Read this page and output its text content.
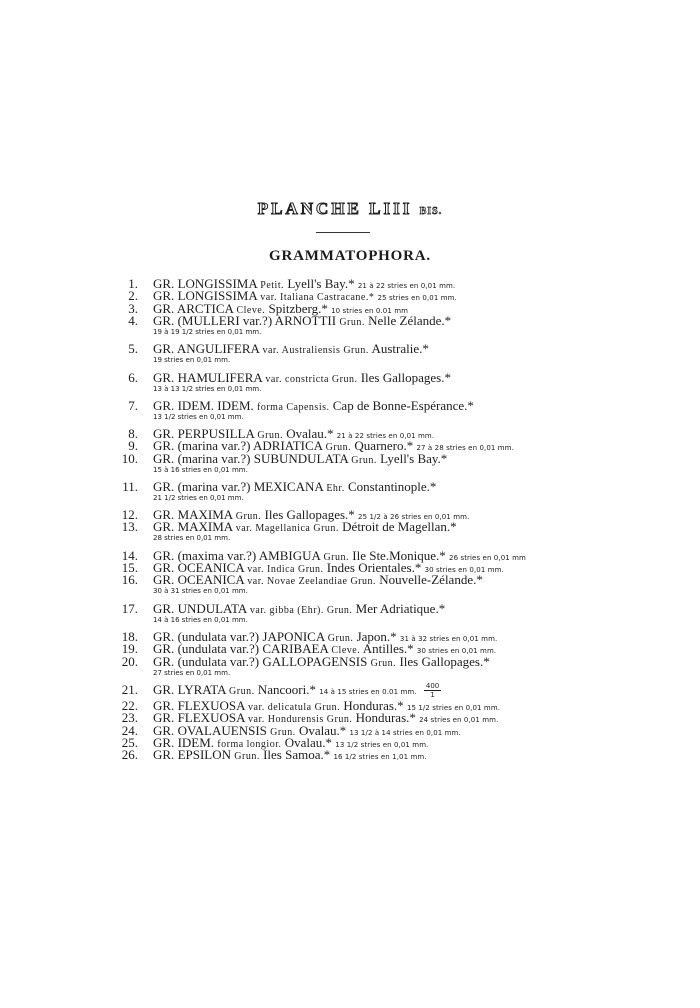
PLANCHE LIII BIS.
GRAMMATOPHORA.
1. GR. LONGISSIMA Petit. Lyell's Bay.* 21 à 22 stries en 0,01 mm.
2. GR. LONGISSIMA var. Italiana Castracane.* 25 stries en 0,01 mm.
3. GR. ARCTICA Cleve. Spitzberg.* 10 stries en 0.01 mm
4. GR. (MULLERI var.?) ARNOTTII Grun. Nelle Zélande.*
19 à 19 1/2 stries en 0,01 mm.
5. GR. ANGULIFERA var. Australiensis Grun. Australie.*
19 stries en 0,01 mm.
6. GR. HAMULIFERA var. constricta Grun. Iles Gallopages.*
13 à 13 1/2 stries en 0,01 mm.
7. GR. IDEM. IDEM. forma Capensis. Cap de Bonne-Espérance.*
13 1/2 stries en 0,01 mm.
8. GR. PERPUSILLA Grun. Ovalau.* 21 à 22 stries en 0,01 mm.
9. GR. (marina var.?) ADRIATICA Grun. Quarnero.* 27 à 28 stries en 0,01 mm.
10. GR. (marina var.?) SUBUNDULATA Grun. Lyell's Bay.*
15 à 16 stries en 0,01 mm.
11. GR. (marina var.?) MEXICANA Ehr. Constantinople.*
21 1/2 stries en 0,01 mm.
12. GR. MAXIMA Grun. Iles Gallopages.* 25 1/2 à 26 stries en 0,01 mm.
13. GR. MAXIMA var. Magellanica Grun. Détroit de Magellan.*
28 stries en 0,01 mm.
14. GR. (maxima var.?) AMBIGUA Grun. Ile Ste.Monique.* 26 stries en 0,01 mm
15. GR. OCEANICA var. Indica Grun. Indes Orientales.* 30 stries en 0,01 mm.
16. GR. OCEANICA var. Novae Zeelandiae Grun. Nouvelle-Zélande.*
30 à 31 stries en 0,01 mm.
17. GR. UNDULATA var. gibba (Ehr). Grun. Mer Adriatique.*
14 à 16 stries en 0,01 mm.
18. GR. (undulata var.?) JAPONICA Grun. Japon.* 31 à 32 stries en 0,01 mm.
19. GR. (undulata var.?) CARIBAEA Cleve. Antilles.* 30 stries en 0,01 mm.
20. GR. (undulata var.?) GALLOPAGENSIS Grun. Iles Gallopages.*
27 stries en 0,01 mm.
21. GR. LYRATA Grun. Nancoori.* 14 à 15 stries en 0.01 mm. $\frac{400}{1}$
22. GR. FLEXUOSA var. delicatula Grun. Honduras.* 15 1/2 stries en 0,01 mm.
23. GR. FLEXUOSA var. Hondurensis Grun. Honduras.* 24 stries en 0,01 mm.
24. GR. OVALAUENSIS Grun. Ovalau.* 13 1/2 à 14 stries en 0,01 mm.
25. GR. IDEM. forma longior. Ovalau.* 13 1/2 stries en 0,01 mm.
26. GR. EPSILON Grun. Iles Samoa.* 16 1/2 stries en 1,01 mm.
